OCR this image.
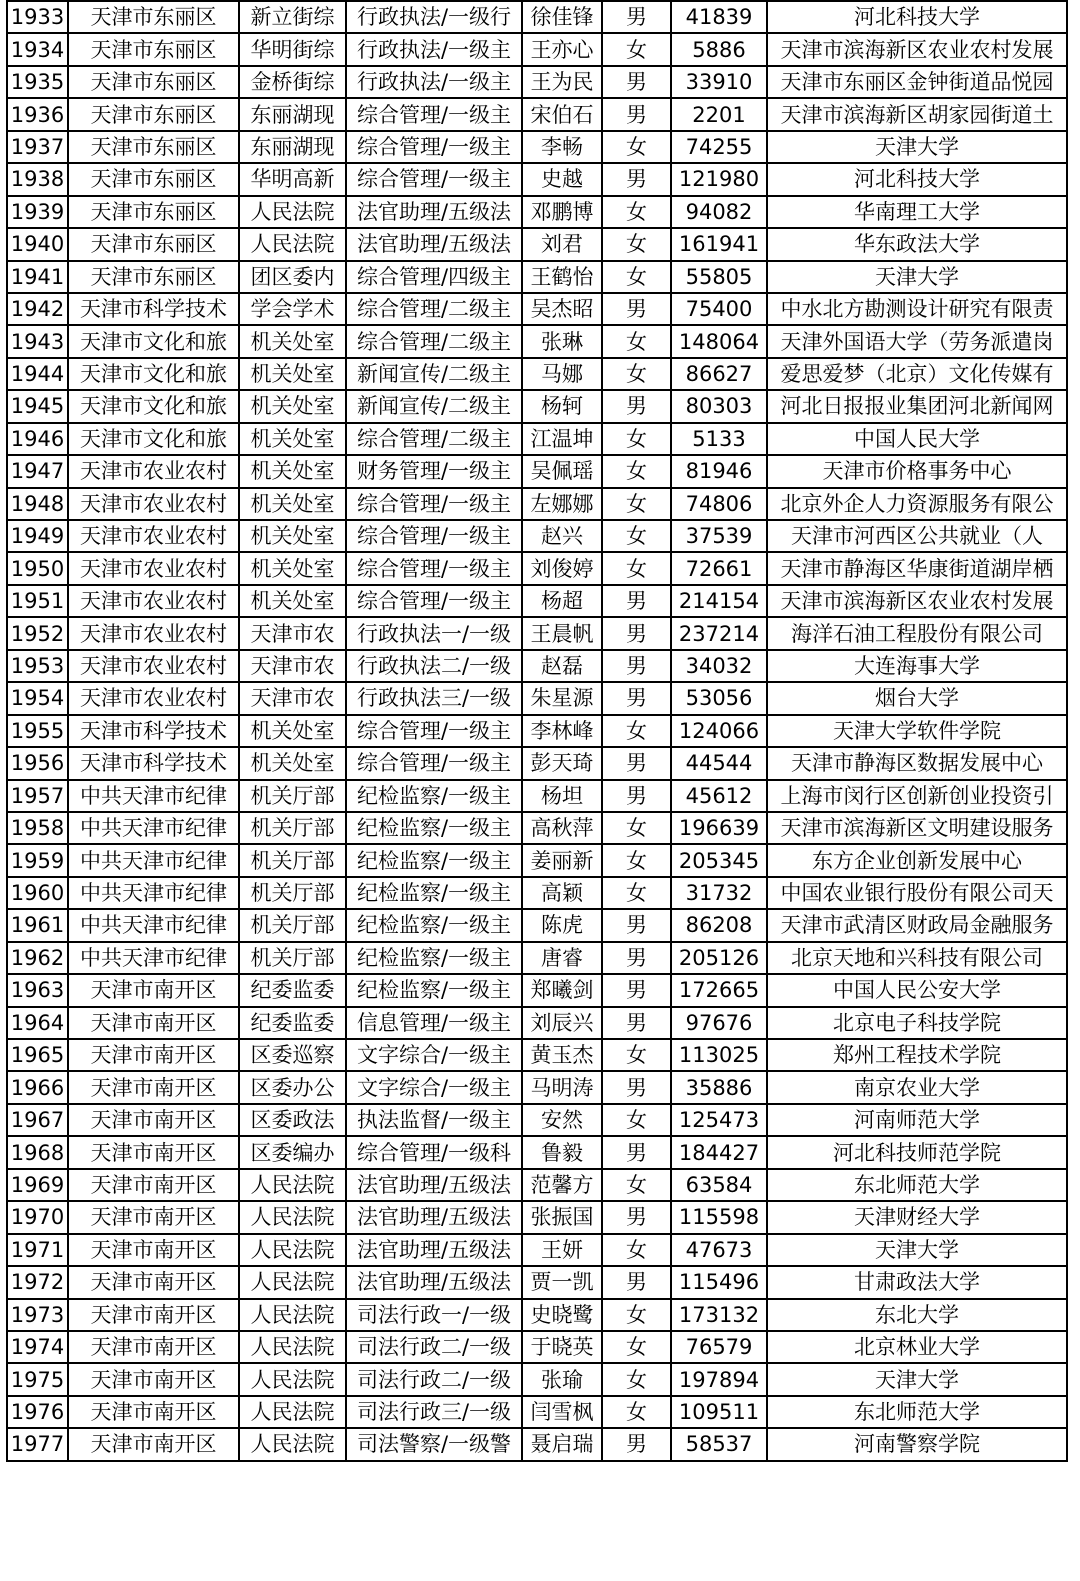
1933	天津市东丽区	新立街综	行政执法/一级行	徐佳锋	男	41839	河北科技大学
1934	天津市东丽区	华明街综	行政执法/一级主	王亦心	女	5886	天津市滨海新区农业农村发展
1935	天津市东丽区	金桥街综	行政执法/一级主	王为民	男	33910	天津市东丽区金钟街道品悦园
1936	天津市东丽区	东丽湖现	综合管理/一级主	宋伯石	男	2201	天津市滨海新区胡家园街道土
1937	天津市东丽区	东丽湖现	综合管理/一级主	李畅	女	74255	天津大学
1938	天津市东丽区	华明高新	综合管理/一级主	史越	男	121980	河北科技大学
1939	天津市东丽区	人民法院	法官助理/五级法	邓鹏博	女	94082	华南理工大学
1940	天津市东丽区	人民法院	法官助理/五级法	刘君	女	161941	华东政法大学
1941	天津市东丽区	团区委内	综合管理/四级主	王鹤怡	女	55805	天津大学
1942	天津市科学技术	学会学术	综合管理/二级主	吴杰昭	男	75400	中水北方勘测设计研究有限责
1943	天津市文化和旅	机关处室	综合管理/二级主	张琳	女	148064	天津外国语大学（劳务派遣岗
1944	天津市文化和旅	机关处室	新闻宣传/二级主	马娜	女	86627	爱思爱梦（北京）文化传媒有
1945	天津市文化和旅	机关处室	新闻宣传/二级主	杨轲	男	80303	河北日报报业集团河北新闻网
1946	天津市文化和旅	机关处室	综合管理/二级主	江温坤	女	5133	中国人民大学
1947	天津市农业农村	机关处室	财务管理/一级主	吴佩瑶	女	81946	天津市价格事务中心
1948	天津市农业农村	机关处室	综合管理/一级主	左娜娜	女	74806	北京外企人力资源服务有限公
1949	天津市农业农村	机关处室	综合管理/一级主	赵兴	女	37539	天津市河西区公共就业（人
1950	天津市农业农村	机关处室	综合管理/一级主	刘俊婷	女	72661	天津市静海区华康街道湖岸栖
1951	天津市农业农村	机关处室	综合管理/一级主	杨超	男	214154	天津市滨海新区农业农村发展
1952	天津市农业农村	天津市农	行政执法一/一级	王晨帆	男	237214	海洋石油工程股份有限公司
1953	天津市农业农村	天津市农	行政执法二/一级	赵磊	男	34032	大连海事大学
1954	天津市农业农村	天津市农	行政执法三/一级	朱星源	男	53056	烟台大学
1955	天津市科学技术	机关处室	综合管理/一级主	李林峰	女	124066	天津大学软件学院
1956	天津市科学技术	机关处室	综合管理/一级主	彭天琦	男	44544	天津市静海区数据发展中心
1957	中共天津市纪律	机关厅部	纪检监察/一级主	杨坦	男	45612	上海市闵行区创新创业投资引
1958	中共天津市纪律	机关厅部	纪检监察/一级主	高秋萍	女	196639	天津市滨海新区文明建设服务
1959	中共天津市纪律	机关厅部	纪检监察/一级主	姜丽新	女	205345	东方企业创新发展中心
1960	中共天津市纪律	机关厅部	纪检监察/一级主	高颖	女	31732	中国农业银行股份有限公司天
1961	中共天津市纪律	机关厅部	纪检监察/一级主	陈虎	男	86208	天津市武清区财政局金融服务
1962	中共天津市纪律	机关厅部	纪检监察/一级主	唐睿	男	205126	北京天地和兴科技有限公司
1963	天津市南开区	纪委监委	纪检监察/一级主	郑曦剑	男	172665	中国人民公安大学
1964	天津市南开区	纪委监委	信息管理/一级主	刘辰兴	男	97676	北京电子科技学院
1965	天津市南开区	区委巡察	文字综合/一级主	黄玉杰	女	113025	郑州工程技术学院
1966	天津市南开区	区委办公	文字综合/一级主	马明涛	男	35886	南京农业大学
1967	天津市南开区	区委政法	执法监督/一级主	安然	女	125473	河南师范大学
1968	天津市南开区	区委编办	综合管理/一级科	鲁毅	男	184427	河北科技师范学院
1969	天津市南开区	人民法院	法官助理/五级法	范馨方	女	63584	东北师范大学
1970	天津市南开区	人民法院	法官助理/五级法	张振国	男	115598	天津财经大学
1971	天津市南开区	人民法院	法官助理/五级法	王妍	女	47673	天津大学
1972	天津市南开区	人民法院	法官助理/五级法	贾一凯	男	115496	甘肃政法大学
1973	天津市南开区	人民法院	司法行政一/一级	史晓鹭	女	173132	东北大学
1974	天津市南开区	人民法院	司法行政二/一级	于晓英	女	76579	北京林业大学
1975	天津市南开区	人民法院	司法行政二/一级	张瑜	女	197894	天津大学
1976	天津市南开区	人民法院	司法行政三/一级	闫雪枫	女	109511	东北师范大学
1977	天津市南开区	人民法院	司法警察/一级警	聂启瑞	男	58537	河南警察学院
